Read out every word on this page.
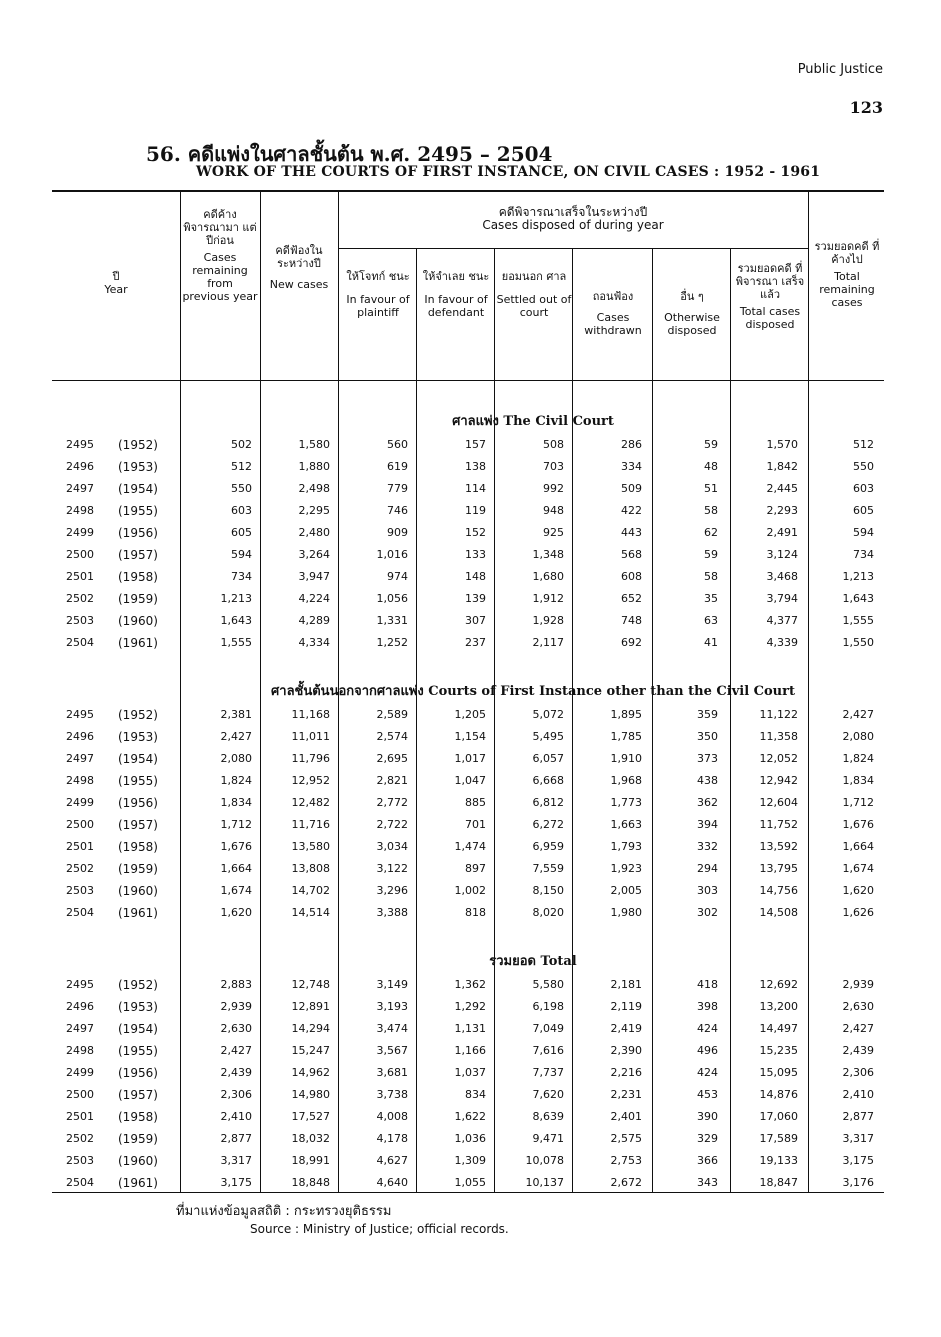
Public Justice
123
56. คดีแพ่งในศาลชั้นต้น พ.ศ. 2495 – 2504
WORK OF THE COURTS OF FIRST INSTANCE, ON CIVIL CASES : 1952 - 1961
ปี
Year
คดีค้าง พิจารณามา แต่ปีก่อน
Cases remaining from previous year
คดีฟ้องใน ระหว่างปี
New cases
คดีพิจารณาเสร็จในระหว่างปี
Cases disposed of during year
ให้โจทก์ ชนะ
In favour of plaintiff
ให้จำเลย ชนะ
In favour of defendant
ยอมนอก ศาล
Settled out of court
ถอนฟ้อง
Cases withdrawn
อื่น ๆ
Otherwise disposed
รวมยอดคดี ที่พิจารณา เสร็จแล้ว
Total cases disposed
รวมยอดคดี ที่ค้างไป
Total remaining cases
ศาลแพ่ง The Civil Court
ศาลชั้นต้นนอกจากศาลแพ่ง Courts of First Instance other than the Civil Court
รวมยอด Total
2495	(1952)	502	1,580	560	157	508	286	59	1,570	512
2496	(1953)	512	1,880	619	138	703	334	48	1,842	550
2497	(1954)	550	2,498	779	114	992	509	51	2,445	603
2498	(1955)	603	2,295	746	119	948	422	58	2,293	605
2499	(1956)	605	2,480	909	152	925	443	62	2,491	594
2500	(1957)	594	3,264	1,016	133	1,348	568	59	3,124	734
2501	(1958)	734	3,947	974	148	1,680	608	58	3,468	1,213
2502	(1959)	1,213	4,224	1,056	139	1,912	652	35	3,794	1,643
2503	(1960)	1,643	4,289	1,331	307	1,928	748	63	4,377	1,555
2504	(1961)	1,555	4,334	1,252	237	2,117	692	41	4,339	1,550
2495	(1952)	2,381	11,168	2,589	1,205	5,072	1,895	359	11,122	2,427
2496	(1953)	2,427	11,011	2,574	1,154	5,495	1,785	350	11,358	2,080
2497	(1954)	2,080	11,796	2,695	1,017	6,057	1,910	373	12,052	1,824
2498	(1955)	1,824	12,952	2,821	1,047	6,668	1,968	438	12,942	1,834
2499	(1956)	1,834	12,482	2,772	885	6,812	1,773	362	12,604	1,712
2500	(1957)	1,712	11,716	2,722	701	6,272	1,663	394	11,752	1,676
2501	(1958)	1,676	13,580	3,034	1,474	6,959	1,793	332	13,592	1,664
2502	(1959)	1,664	13,808	3,122	897	7,559	1,923	294	13,795	1,674
2503	(1960)	1,674	14,702	3,296	1,002	8,150	2,005	303	14,756	1,620
2504	(1961)	1,620	14,514	3,388	818	8,020	1,980	302	14,508	1,626
2495	(1952)	2,883	12,748	3,149	1,362	5,580	2,181	418	12,692	2,939
2496	(1953)	2,939	12,891	3,193	1,292	6,198	2,119	398	13,200	2,630
2497	(1954)	2,630	14,294	3,474	1,131	7,049	2,419	424	14,497	2,427
2498	(1955)	2,427	15,247	3,567	1,166	7,616	2,390	496	15,235	2,439
2499	(1956)	2,439	14,962	3,681	1,037	7,737	2,216	424	15,095	2,306
2500	(1957)	2,306	14,980	3,738	834	7,620	2,231	453	14,876	2,410
2501	(1958)	2,410	17,527	4,008	1,622	8,639	2,401	390	17,060	2,877
2502	(1959)	2,877	18,032	4,178	1,036	9,471	2,575	329	17,589	3,317
2503	(1960)	3,317	18,991	4,627	1,309	10,078	2,753	366	19,133	3,175
2504	(1961)	3,175	18,848	4,640	1,055	10,137	2,672	343	18,847	3,176
ที่มาแห่งข้อมูลสถิติ : กระทรวงยุติธรรม
Source : Ministry of Justice; official records.
